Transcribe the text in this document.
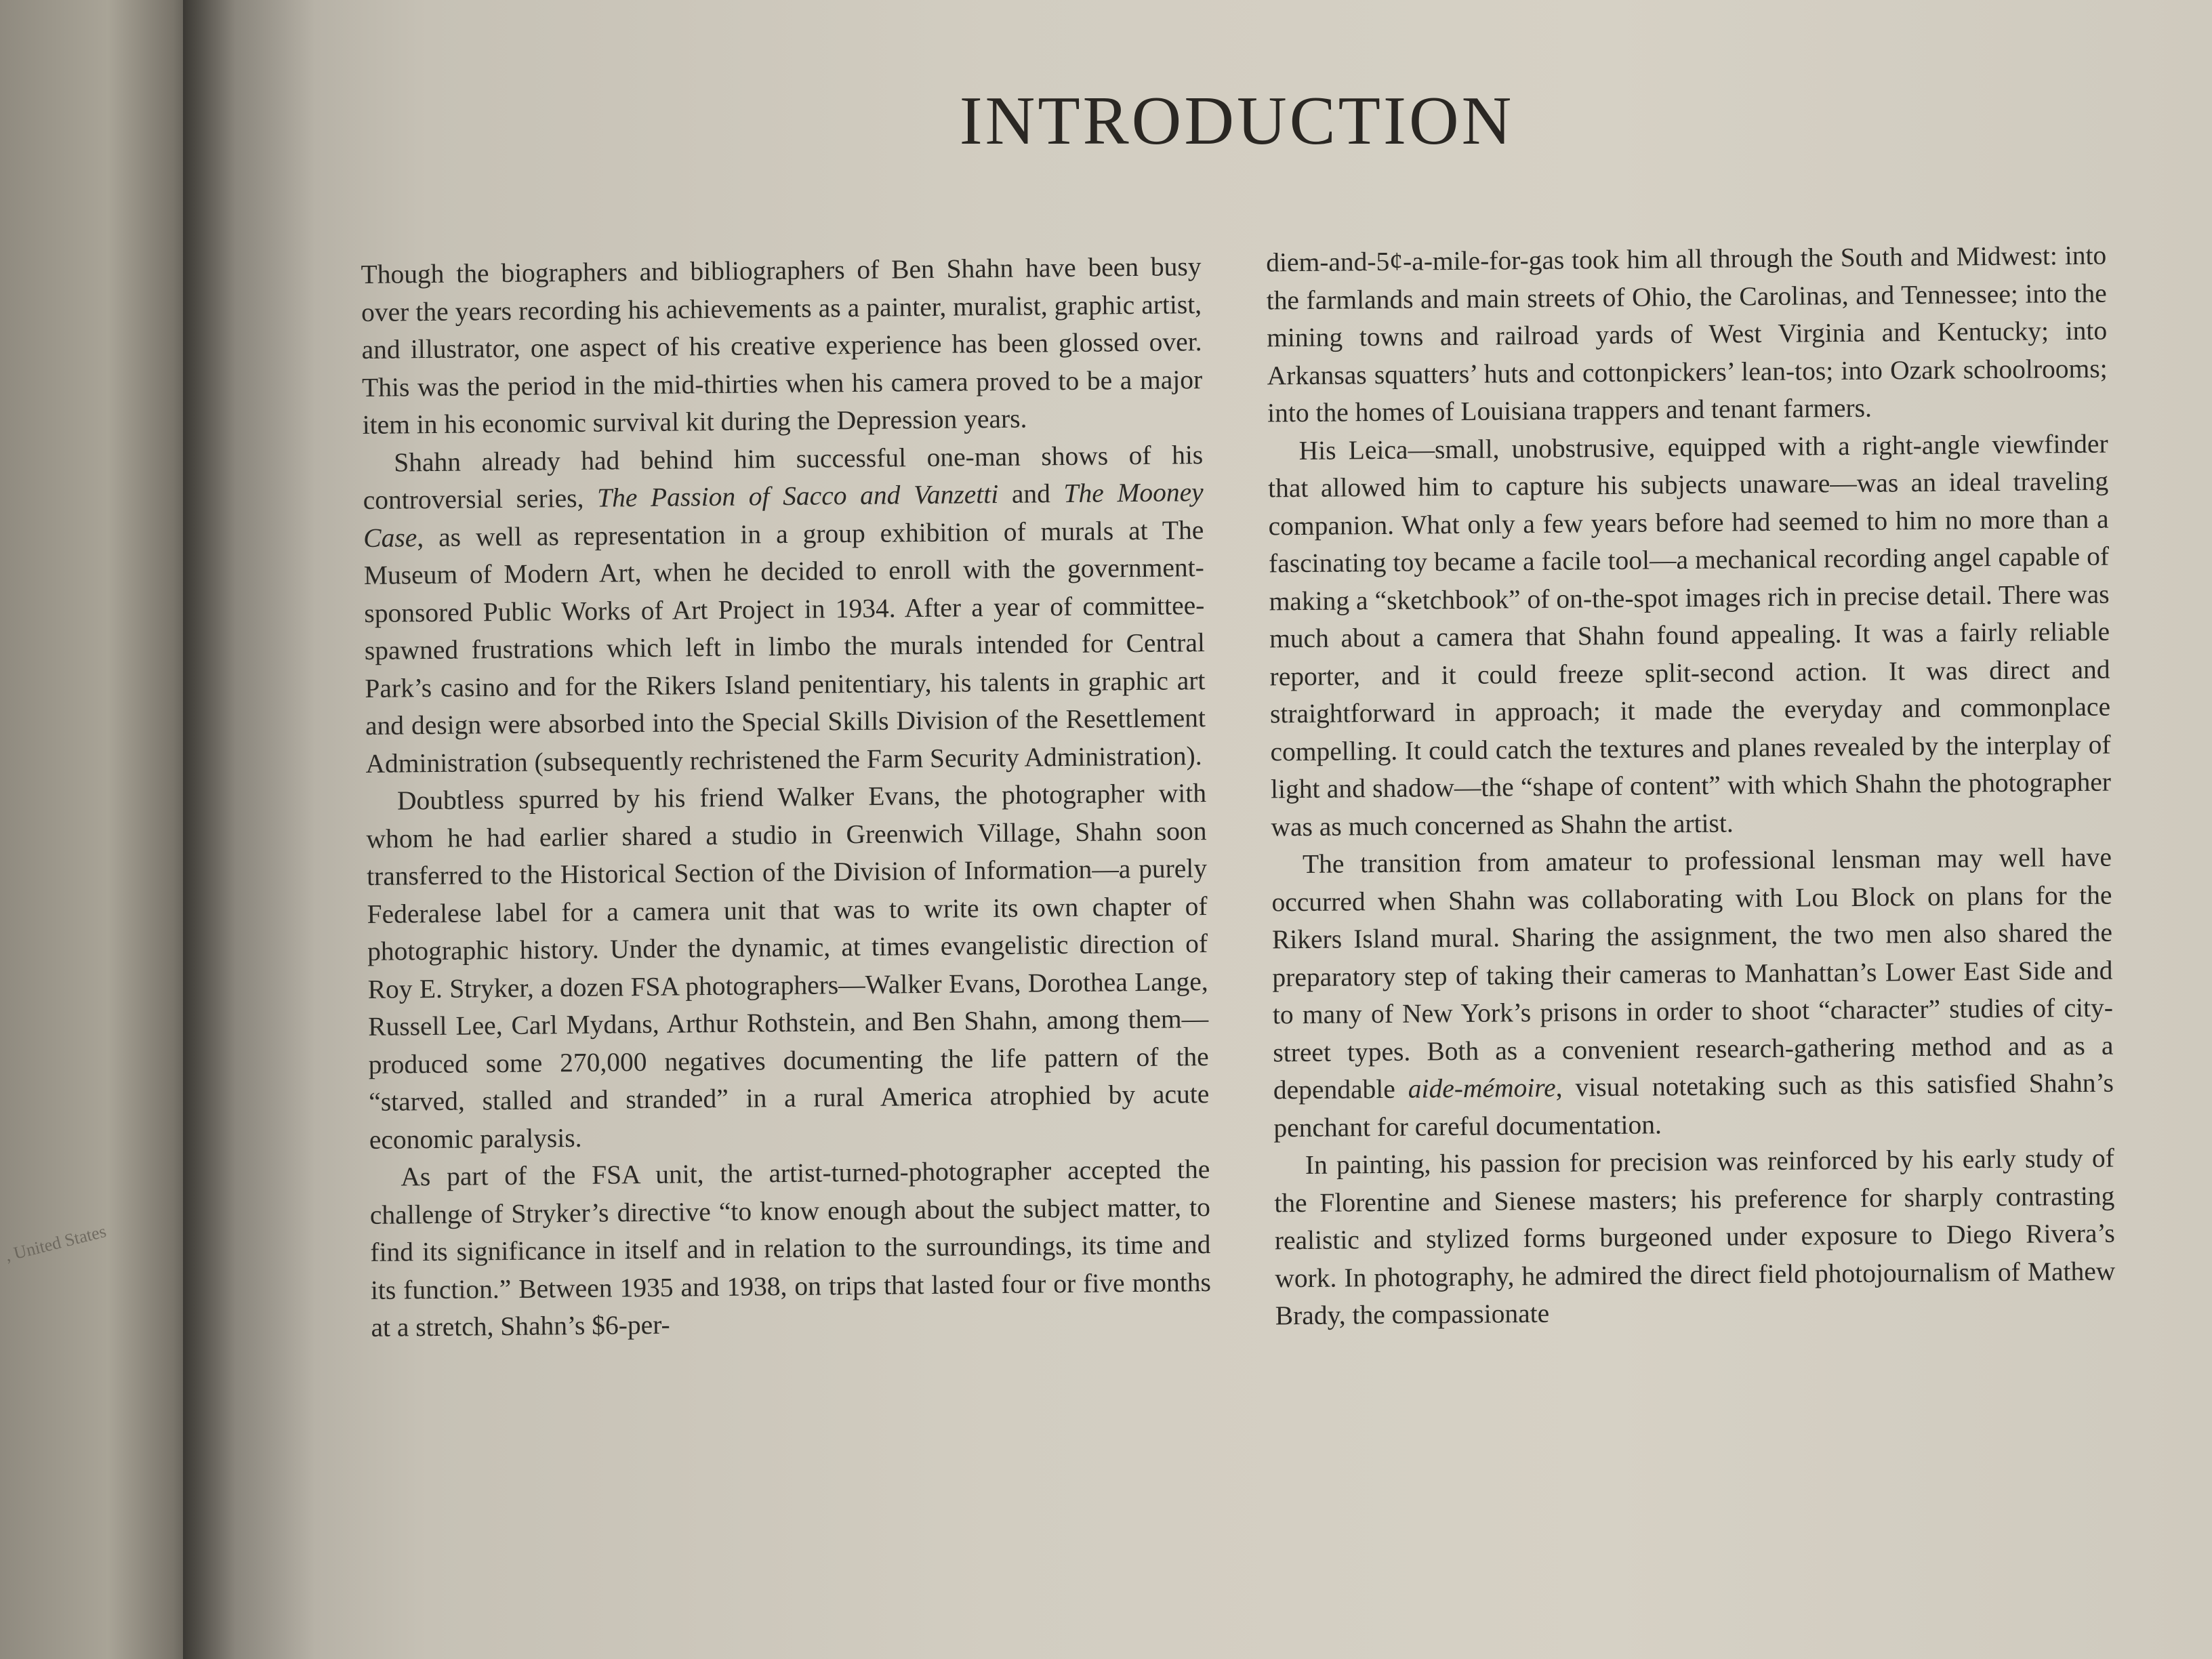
, United States
INTRODUCTION

Though the biographers and bibliographers of Ben Shahn have been busy over the years recording his achievements as a painter, muralist, graphic artist, and illustrator, one aspect of his creative experience has been glossed over. This was the period in the mid-thirties when his camera proved to be a major item in his economic survival kit during the Depression years.

Shahn already had behind him successful one-man shows of his controversial series, The Passion of Sacco and Vanzetti and The Mooney Case, as well as representation in a group exhibition of murals at The Museum of Modern Art, when he decided to enroll with the government-sponsored Public Works of Art Project in 1934. After a year of committee-spawned frustrations which left in limbo the murals intended for Central Park’s casino and for the Rikers Island penitentiary, his talents in graphic art and design were absorbed into the Special Skills Division of the Resettlement Administration (subsequently rechristened the Farm Security Administration).

Doubtless spurred by his friend Walker Evans, the photographer with whom he had earlier shared a studio in Greenwich Village, Shahn soon transferred to the Historical Section of the Division of Information—a purely Federalese label for a camera unit that was to write its own chapter of photographic history. Under the dynamic, at times evangelistic direction of Roy E. Stryker, a dozen FSA photographers—Walker Evans, Dorothea Lange, Russell Lee, Carl Mydans, Arthur Rothstein, and Ben Shahn, among them—produced some 270,000 negatives documenting the life pattern of the “starved, stalled and stranded” in a rural America atrophied by acute economic paralysis.

As part of the FSA unit, the artist-turned-photographer accepted the challenge of Stryker’s directive “to know enough about the subject matter, to find its significance in itself and in relation to the surroundings, its time and its function.” Between 1935 and 1938, on trips that lasted four or five months at a stretch, Shahn’s $6-per-

diem-and-5¢-a-mile-for-gas took him all through the South and Midwest: into the farmlands and main streets of Ohio, the Carolinas, and Tennessee; into the mining towns and railroad yards of West Virginia and Kentucky; into Arkansas squatters’ huts and cottonpickers’ lean-tos; into Ozark schoolrooms; into the homes of Louisiana trappers and tenant farmers.

His Leica—small, unobstrusive, equipped with a right-angle viewfinder that allowed him to capture his subjects unaware—was an ideal traveling companion. What only a few years before had seemed to him no more than a fascinating toy became a facile tool—a mechanical recording angel capable of making a “sketchbook” of on-the-spot images rich in precise detail. There was much about a camera that Shahn found appealing. It was a fairly reliable reporter, and it could freeze split-second action. It was direct and straightforward in approach; it made the everyday and commonplace compelling. It could catch the textures and planes revealed by the interplay of light and shadow—the “shape of content” with which Shahn the photographer was as much concerned as Shahn the artist.

The transition from amateur to professional lensman may well have occurred when Shahn was collaborating with Lou Block on plans for the Rikers Island mural. Sharing the assignment, the two men also shared the preparatory step of taking their cameras to Manhattan’s Lower East Side and to many of New York’s prisons in order to shoot “character” studies of city-street types. Both as a convenient research-gathering method and as a dependable aide-mémoire, visual notetaking such as this satisfied Shahn’s penchant for careful documentation.

In painting, his passion for precision was reinforced by his early study of the Florentine and Sienese masters; his preference for sharply contrasting realistic and stylized forms burgeoned under exposure to Diego Rivera’s work. In photography, he admired the direct field photojournalism of Mathew Brady, the compassionate
